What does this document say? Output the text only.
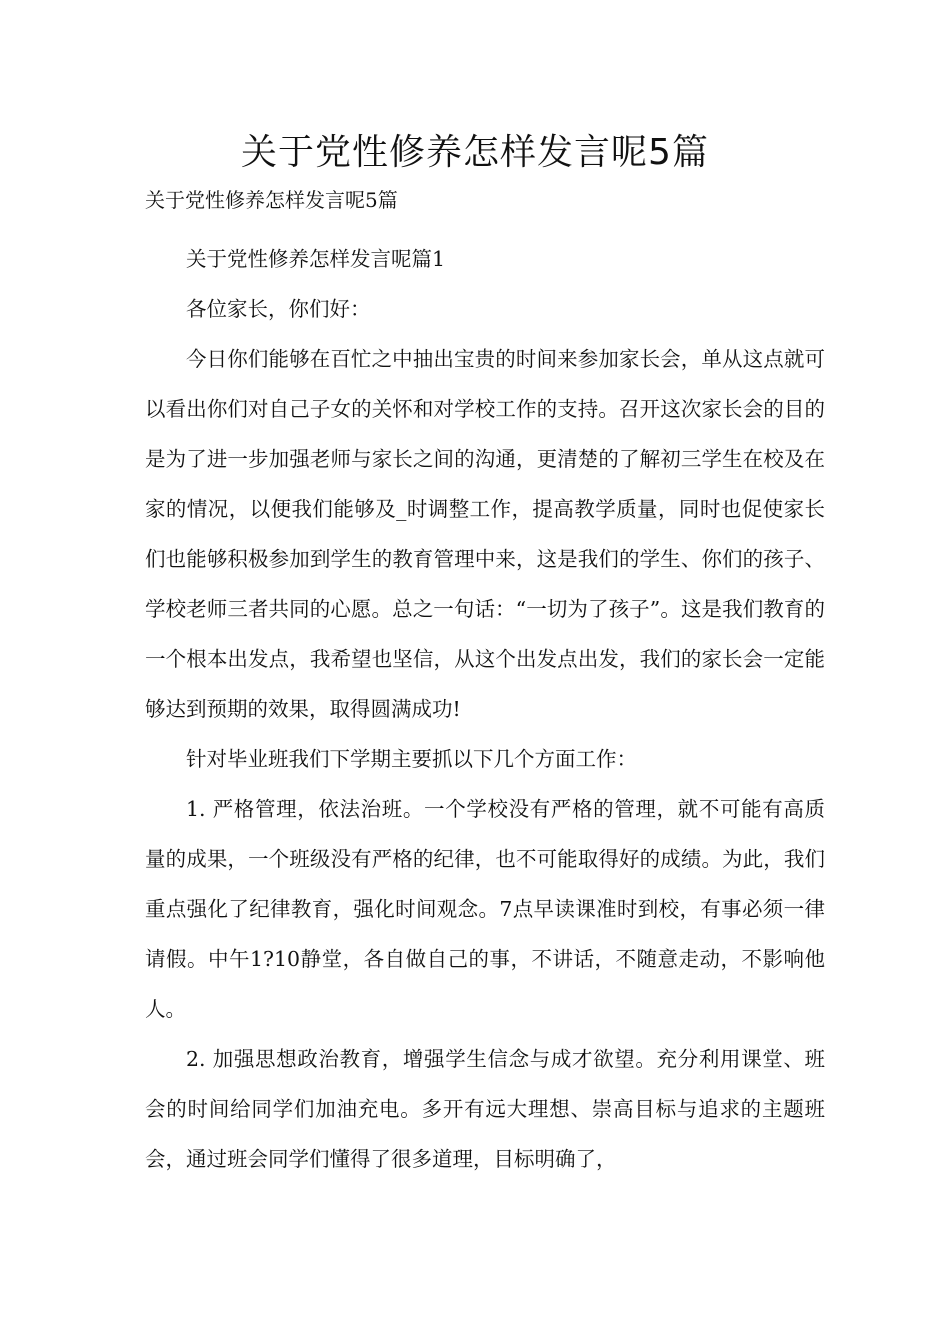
关于党性修养怎样发言呢5篇

关于党性修养怎样发言呢5篇

关于党性修养怎样发言呢篇1

各位家长，你们好：

今日你们能够在百忙之中抽出宝贵的时间来参加家长会，单从这点就可以看出你们对自己子女的关怀和对学校工作的支持。召开这次家长会的目的是为了进一步加强老师与家长之间的沟通，更清楚的了解初三学生在校及在家的情况，以便我们能够及_时调整工作，提高教学质量，同时也促使家长们也能够积极参加到学生的教育管理中来，这是我们的学生、你们的孩子、学校老师三者共同的心愿。总之一句话：“一切为了孩子”。这是我们教育的一个根本出发点，我希望也坚信，从这个出发点出发，我们的家长会一定能够达到预期的效果，取得圆满成功!

针对毕业班我们下学期主要抓以下几个方面工作：

1. 严格管理，依法治班。一个学校没有严格的管理，就不可能有高质量的成果，一个班级没有严格的纪律，也不可能取得好的成绩。为此，我们重点强化了纪律教育，强化时间观念。7点早读课准时到校，有事必须一律请假。中午1?10静堂，各自做自己的事，不讲话，不随意走动，不影响他人。

2. 加强思想政治教育，增强学生信念与成才欲望。充分利用课堂、班会的时间给同学们加油充电。多开有远大理想、崇高目标与追求的主题班会，通过班会同学们懂得了很多道理，目标明确了，
